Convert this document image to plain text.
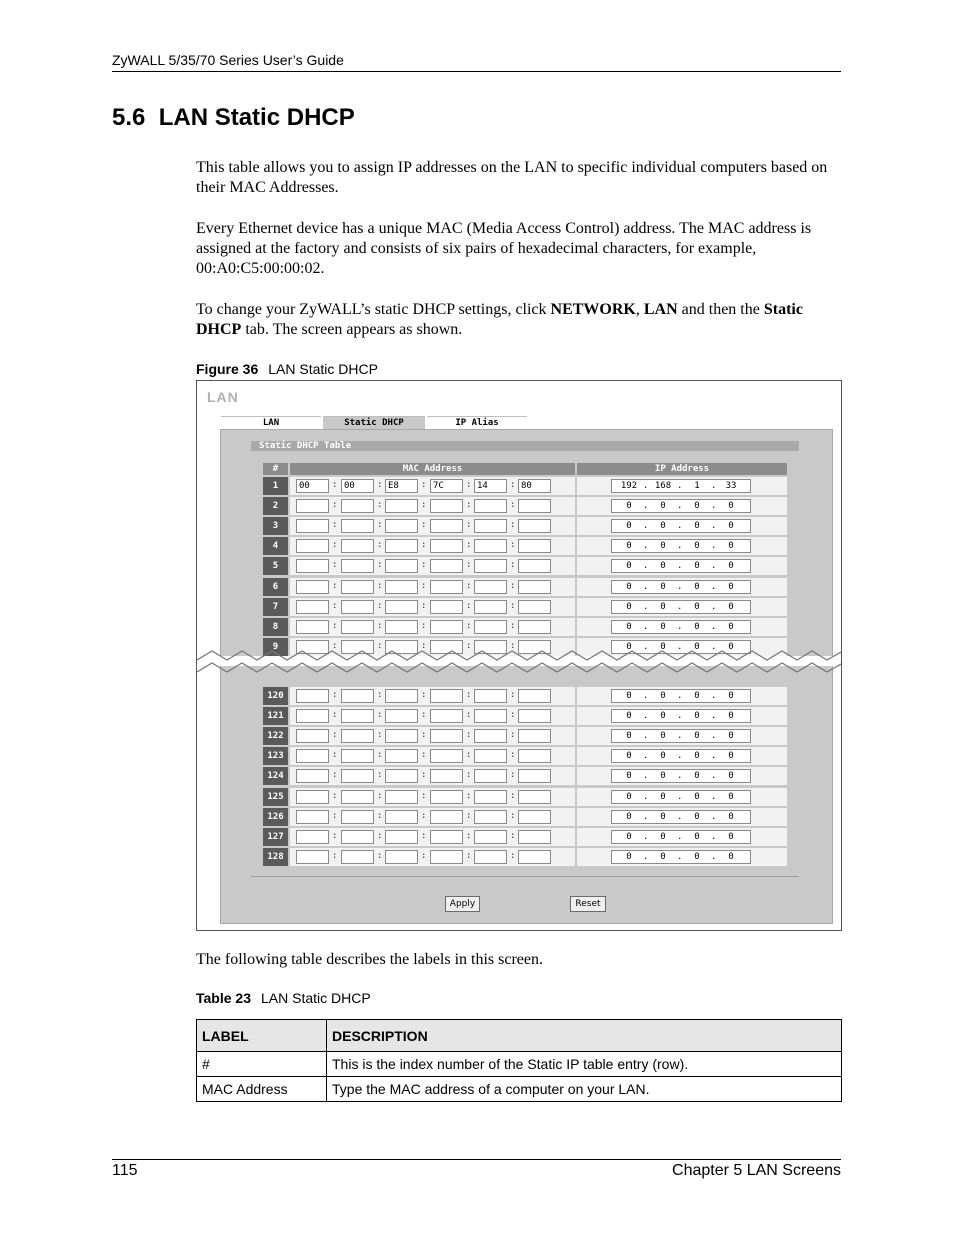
ZyWALL 5/35/70 Series User’s Guide
5.6 LAN Static DHCP

This table allows you to assign IP addresses on the LAN to specific individual computers based on their MAC Addresses.

Every Ethernet device has a unique MAC (Media Access Control) address. The MAC address is assigned at the factory and consists of six pairs of hexadecimal characters, for example, 00:A0:C5:00:00:02.

To change your ZyWALL’s static DHCP settings, click NETWORK, LAN and then the Static DHCP tab. The screen appears as shown.

Figure 36 LAN Static DHCP
LAN
LAN	Static DHCP	IP Alias
Static DHCP Table
#	MAC Address	IP Address
1	00	: 00	: E8	: 7C	: 14	: 80	192 . 168 .	1	.	33
2	:	:	:	:	:	0	.	0	.	0	.	0
3	:	:	:	:	:	0	.	0	.	0	.	0
4	:	:	:	:	:	0	.	0	.	0	.	0
5	:	:	:	:	:	0	.	0	.	0	.	0
6	:	:	:	:	:	0	.	0	.	0	.	0
7	:	:	:	:	:	0	.	0	.	0	.	0
8	:	:	:	:	:	0	.	0	.	0	.	0
9	:	:	:	:	:	0	.	0	.	0	.	0
120	:	:	:	:	:	0	.	0	.	0	.	0
121	:	:	:	:	:	0	.	0	.	0	.	0
122	:	:	:	:	:	0	.	0	.	0	.	0
123	:	:	:	:	:	0	.	0	.	0	.	0
124	:	:	:	:	:	0	.	0	.	0	.	0
125	:	:	:	:	:	0	.	0	.	0	.	0
126	:	:	:	:	:	0	.	0	.	0	.	0
127	:	:	:	:	:	0	.	0	.	0	.	0
128	:	:	:	:	:	0	.	0	.	0	.	0
Apply	Reset

The following table describes the labels in this screen.

Table 23 LAN Static DHCP
LABEL	DESCRIPTION
#	This is the index number of the Static IP table entry (row).
MAC Address	Type the MAC address of a computer on your LAN.
115	Chapter 5 LAN Screens
